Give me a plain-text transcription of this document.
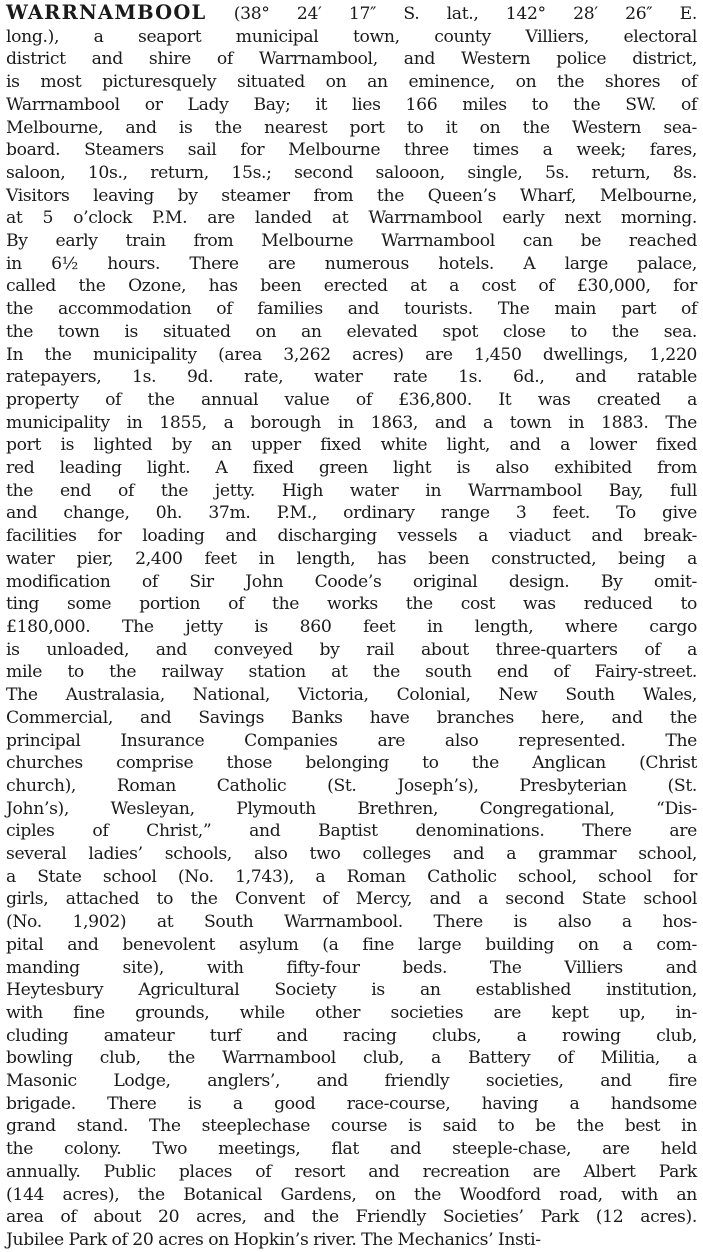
WARRNAMBOOL (38° 24′ 17″ S. lat., 142° 28′ 26″ E.
long.), a seaport municipal town, county Villiers, electoral
district and shire of Warrnambool, and Western police district,
is most picturesquely situated on an eminence, on the shores of
Warrnambool or Lady Bay; it lies 166 miles to the SW. of
Melbourne, and is the nearest port to it on the Western sea-
board. Steamers sail for Melbourne three times a week; fares,
saloon, 10s., return, 15s.; second salooon, single, 5s. return, 8s.
Visitors leaving by steamer from the Queen’s Wharf, Melbourne,
at 5 o’clock P.M. are landed at Warrnambool early next morning.
By early train from Melbourne Warrnambool can be reached
in 6½ hours. There are numerous hotels. A large palace,
called the Ozone, has been erected at a cost of £30,000, for
the accommodation of families and tourists. The main part of
the town is situated on an elevated spot close to the sea.
In the municipality (area 3,262 acres) are 1,450 dwellings, 1,220
ratepayers, 1s. 9d. rate, water rate 1s. 6d., and ratable
property of the annual value of £36,800. It was created a
municipality in 1855, a borough in 1863, and a town in 1883. The
port is lighted by an upper fixed white light, and a lower fixed
red leading light. A fixed green light is also exhibited from
the end of the jetty. High water in Warrnambool Bay, full
and change, 0h. 37m. P.M., ordinary range 3 feet. To give
facilities for loading and discharging vessels a viaduct and break-
water pier, 2,400 feet in length, has been constructed, being a
modification of Sir John Coode’s original design. By omit-
ting some portion of the works the cost was reduced to
£180,000. The jetty is 860 feet in length, where cargo
is unloaded, and conveyed by rail about three-quarters of a
mile to the railway station at the south end of Fairy-street.
The Australasia, National, Victoria, Colonial, New South Wales,
Commercial, and Savings Banks have branches here, and the
principal Insurance Companies are also represented. The
churches comprise those belonging to the Anglican (Christ
church), Roman Catholic (St. Joseph’s), Presbyterian (St.
John’s), Wesleyan, Plymouth Brethren, Congregational, “Dis-
ciples of Christ,” and Baptist denominations. There are
several ladies’ schools, also two colleges and a grammar school,
a State school (No. 1,743), a Roman Catholic school, school for
girls, attached to the Convent of Mercy, and a second State school
(No. 1,902) at South Warrnambool. There is also a hos-
pital and benevolent asylum (a fine large building on a com-
manding site), with fifty-four beds. The Villiers and
Heytesbury Agricultural Society is an established institution,
with fine grounds, while other societies are kept up, in-
cluding amateur turf and racing clubs, a rowing club,
bowling club, the Warrnambool club, a Battery of Militia, a
Masonic Lodge, anglers’, and friendly societies, and fire
brigade. There is a good race-course, having a handsome
grand stand. The steeplechase course is said to be the best in
the colony. Two meetings, flat and steeple-chase, are held
annually. Public places of resort and recreation are Albert Park
(144 acres), the Botanical Gardens, on the Woodford road, with an
area of about 20 acres, and the Friendly Societies’ Park (12 acres).
Jubilee Park of 20 acres on Hopkin’s river. The Mechanics’ Insti-
